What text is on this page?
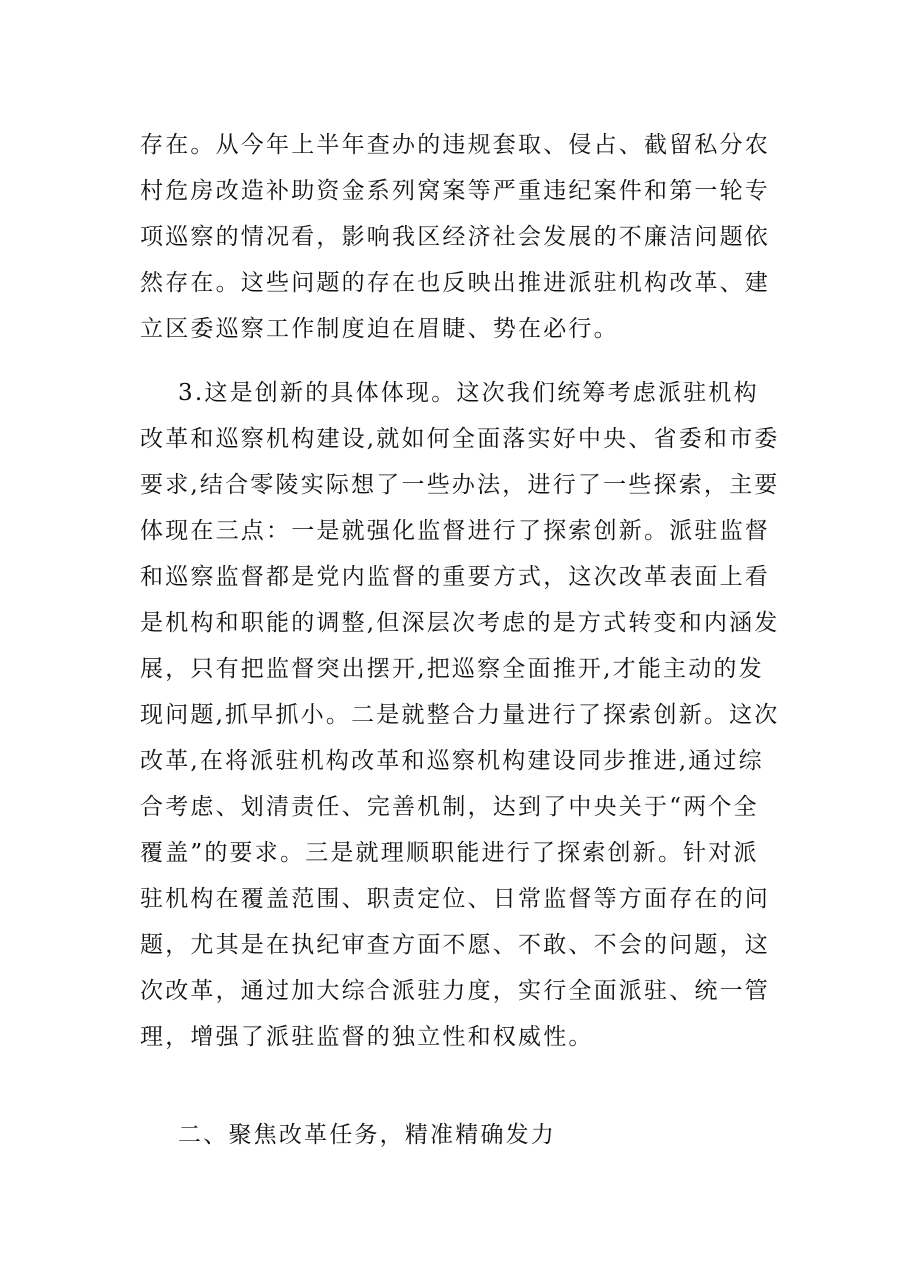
存在。从今年上半年查办的违规套取、侵占、截留私分农
村危房改造补助资金系列窝案等严重违纪案件和第一轮专
项巡察的情况看，影响我区经济社会发展的不廉洁问题依
然存在。这些问题的存在也反映出推进派驻机构改革、建
立区委巡察工作制度迫在眉睫、势在必行。
3.这是创新的具体体现。这次我们统筹考虑派驻机构
改革和巡察机构建设,就如何全面落实好中央、省委和市委
要求,结合零陵实际想了一些办法，进行了一些探索，主要
体现在三点：一是就强化监督进行了探索创新。派驻监督
和巡察监督都是党内监督的重要方式，这次改革表面上看
是机构和职能的调整,但深层次考虑的是方式转变和内涵发
展，只有把监督突出摆开,把巡察全面推开,才能主动的发
现问题,抓早抓小。二是就整合力量进行了探索创新。这次
改革,在将派驻机构改革和巡察机构建设同步推进,通过综
合考虑、划清责任、完善机制，达到了中央关于“两个全
覆盖”的要求。三是就理顺职能进行了探索创新。针对派
驻机构在覆盖范围、职责定位、日常监督等方面存在的问
题，尤其是在执纪审查方面不愿、不敢、不会的问题，这
次改革，通过加大综合派驻力度，实行全面派驻、统一管
理，增强了派驻监督的独立性和权威性。
二、聚焦改革任务，精准精确发力
